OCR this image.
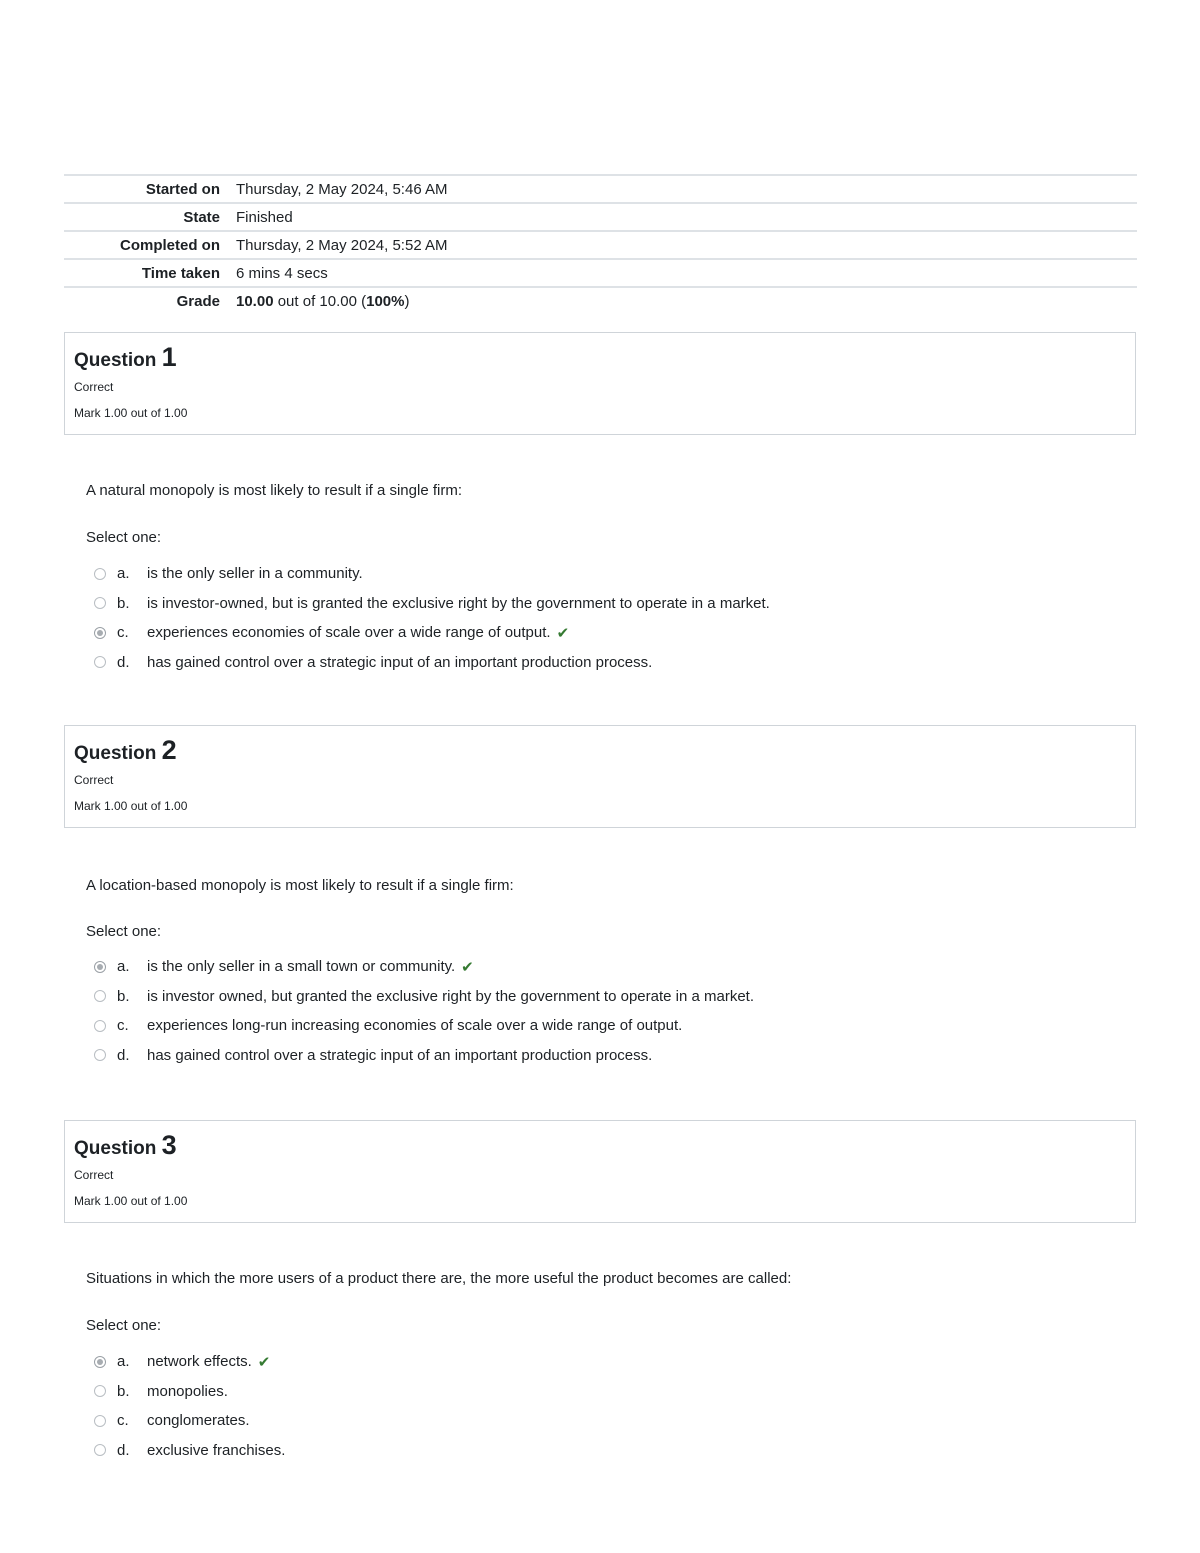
Started on Thursday, 2 May 2024, 5:46 AM
State Finished
Completed on Thursday, 2 May 2024, 5:52 AM
Time taken 6 mins 4 secs
Grade 10.00 out of 10.00 (100%)
Question 1
Correct
Mark 1.00 out of 1.00
A natural monopoly is most likely to result if a single firm:
Select one:
a.	is the only seller in a community.
b.	is investor-owned, but is granted the exclusive right by the government to operate in a market.
c.	experiences economies of scale over a wide range of output. ✔
d.	has gained control over a strategic input of an important production process.
Question 2
Correct
Mark 1.00 out of 1.00
A location-based monopoly is most likely to result if a single firm:
Select one:
a.	is the only seller in a small town or community. ✔
b.	is investor owned, but granted the exclusive right by the government to operate in a market.
c.	experiences long-run increasing economies of scale over a wide range of output.
d.	has gained control over a strategic input of an important production process.
Question 3
Correct
Mark 1.00 out of 1.00
Situations in which the more users of a product there are, the more useful the product becomes are called:
Select one:
a.	network effects. ✔
b.	monopolies.
c.	conglomerates.
d.	exclusive franchises.
